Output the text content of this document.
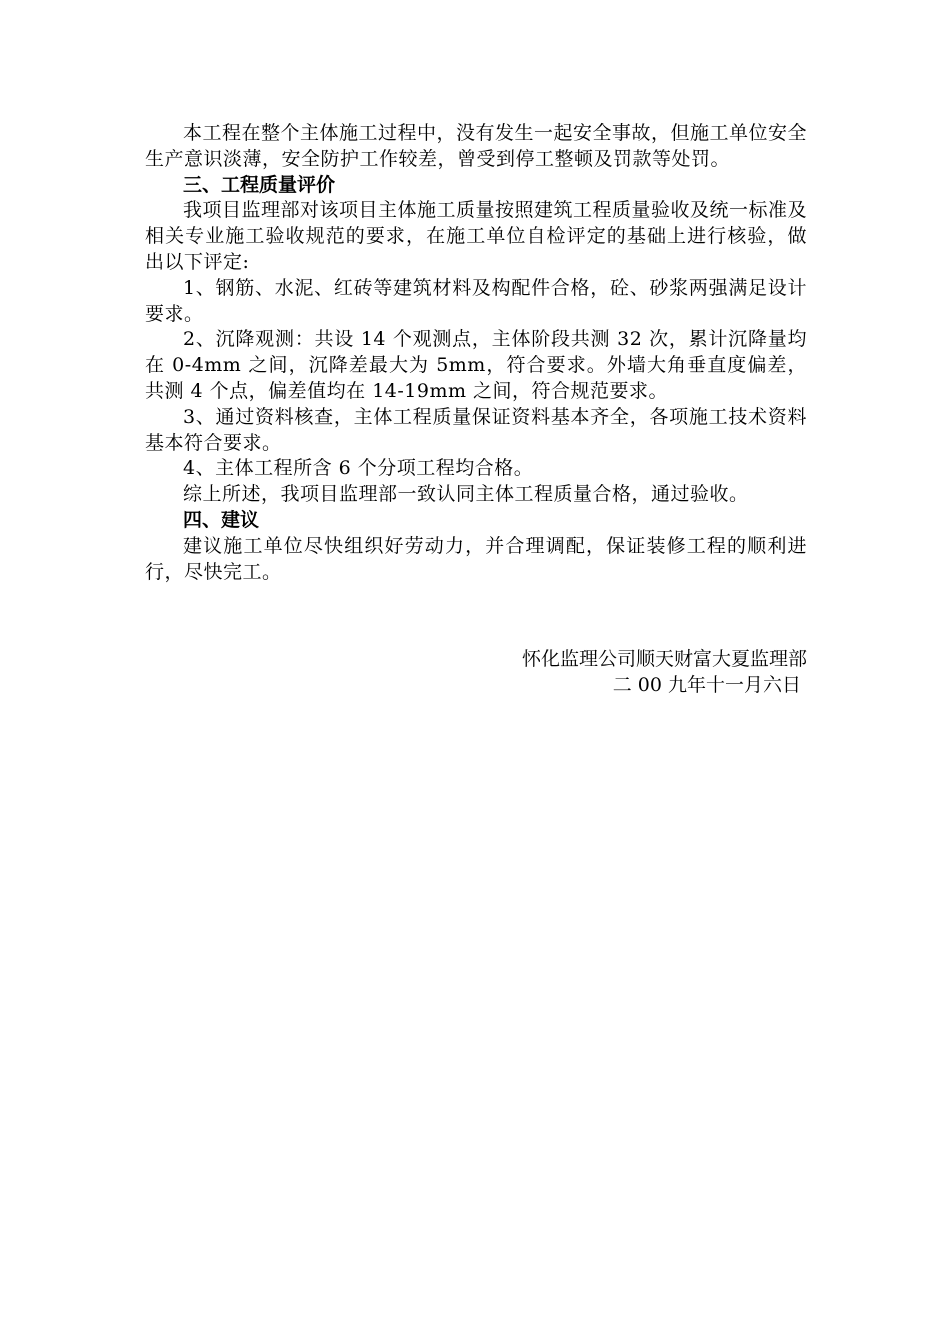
本工程在整个主体施工过程中，没有发生一起安全事故，但施工单位安全生产意识淡薄，安全防护工作较差，曾受到停工整顿及罚款等处罚。

三、工程质量评价

我项目监理部对该项目主体施工质量按照建筑工程质量验收及统一标准及相关专业施工验收规范的要求，在施工单位自检评定的基础上进行核验，做出以下评定:

1、钢筋、水泥、红砖等建筑材料及构配件合格，砼、砂浆两强满足设计要求。

2、沉降观测：共设 14 个观测点，主体阶段共测 32 次，累计沉降量均在 0-4mm 之间，沉降差最大为 5mm，符合要求。外墙大角垂直度偏差，共测 4 个点，偏差值均在 14-19mm 之间，符合规范要求。

3、通过资料核查，主体工程质量保证资料基本齐全，各项施工技术资料基本符合要求。

4、主体工程所含 6 个分项工程均合格。

综上所述，我项目监理部一致认同主体工程质量合格，通过验收。

四、建议

建议施工单位尽快组织好劳动力，并合理调配，保证装修工程的顺利进行，尽快完工。

怀化监理公司顺天财富大夏监理部

二 00 九年十一月六日
